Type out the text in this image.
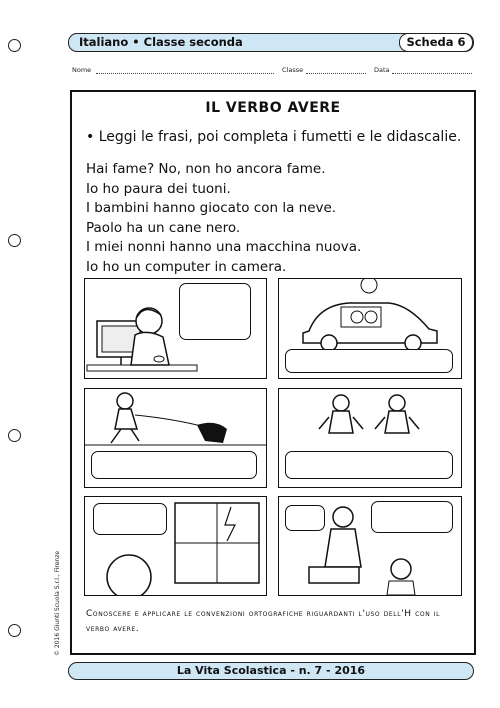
Italiano • Classe seconda	Scheda 6
Nome	Classe	Data
IL VERBO AVERE
• Leggi le frasi, poi completa i fumetti e le didascalie.
Hai fame? No, non ho ancora fame.
Io ho paura dei tuoni.
I bambini hanno giocato con la neve.
Paolo ha un cane nero.
I miei nonni hanno una macchina nuova.
Io ho un computer in camera.
Conoscere e applicare le convenzioni ortografiche riguardanti l'uso dell'H con il verbo avere.
© 2016 Giunti Scuola S.r.l., Firenze
La Vita Scolastica - n. 7 - 2016
